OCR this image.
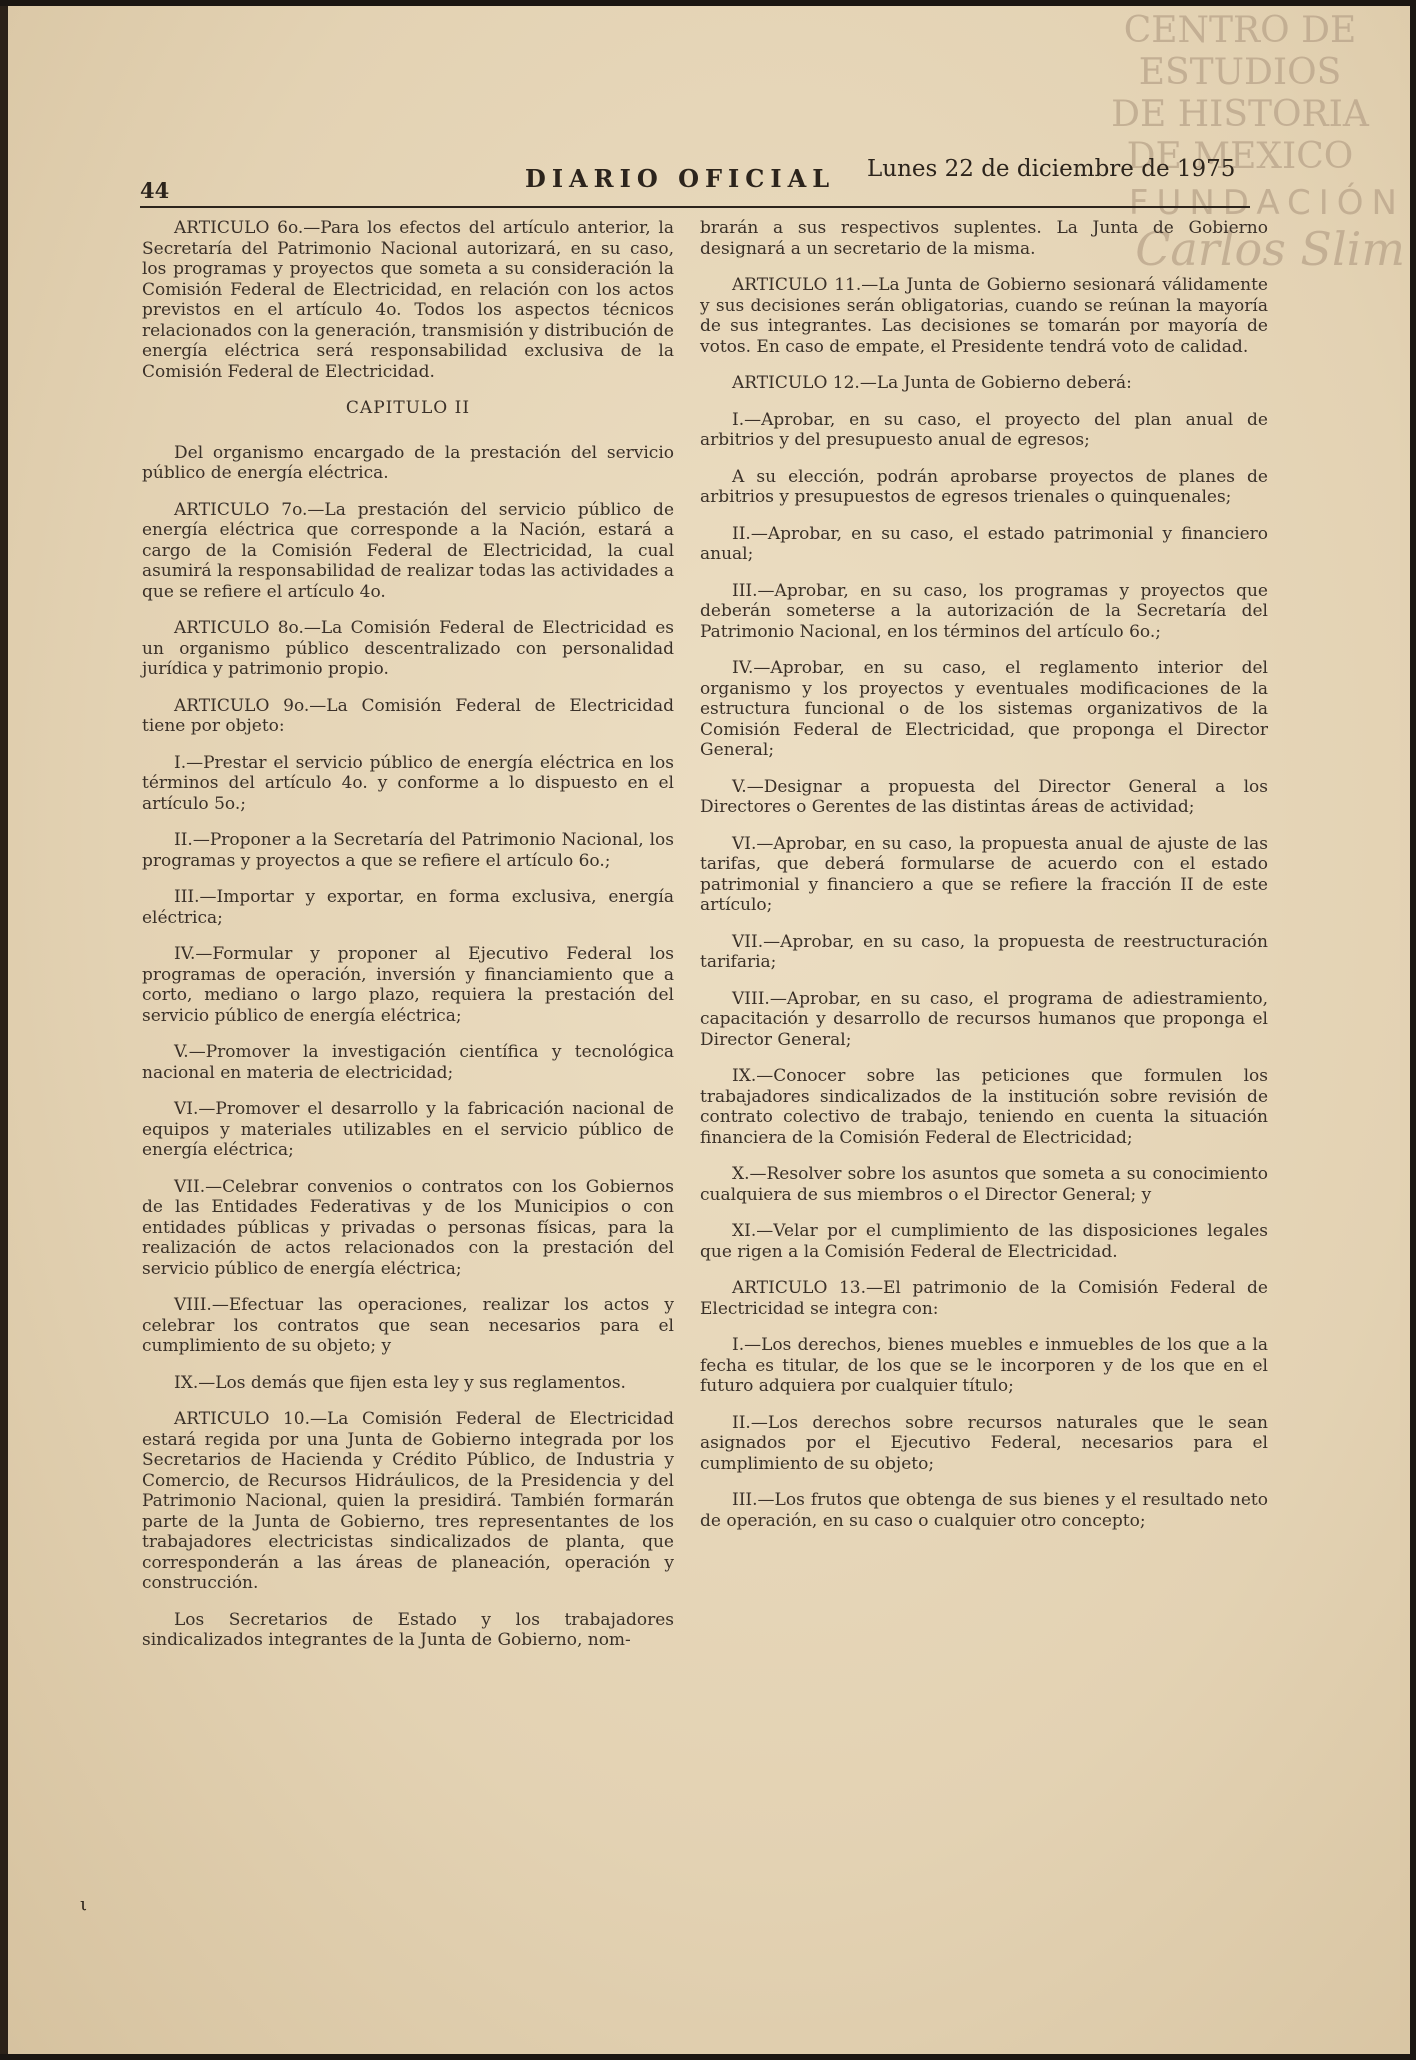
CENTRO DE
ESTUDIOS
DE HISTORIA
DE MEXICO
FUNDACIÓN
Carlos Slim
44	DIARIO OFICIAL Lunes 22 de diciembre de 1975

ARTICULO 6o.—Para los efectos del artículo anterior, la Secretaría del Patrimonio Nacional autorizará, en su caso, los programas y proyectos que someta a su consideración la Comisión Federal de Electricidad, en relación con los actos previstos en el artículo 4o. Todos los aspectos técnicos relacionados con la generación, transmisión y distribución de energía eléctrica será responsabilidad exclusiva de la Comisión Federal de Electricidad.

CAPITULO II

Del organismo encargado de la prestación del servicio público de energía eléctrica.

ARTICULO 7o.—La prestación del servicio público de energía eléctrica que corresponde a la Nación, estará a cargo de la Comisión Federal de Electricidad, la cual asumirá la responsabilidad de realizar todas las actividades a que se refiere el artículo 4o.

ARTICULO 8o.—La Comisión Federal de Electricidad es un organismo público descentralizado con personalidad jurídica y patrimonio propio.

ARTICULO 9o.—La Comisión Federal de Electricidad tiene por objeto:

I.—Prestar el servicio público de energía eléctrica en los términos del artículo 4o. y conforme a lo dispuesto en el artículo 5o.;

II.—Proponer a la Secretaría del Patrimonio Nacional, los programas y proyectos a que se refiere el artículo 6o.;

III.—Importar y exportar, en forma exclusiva, energía eléctrica;

IV.—Formular y proponer al Ejecutivo Federal los programas de operación, inversión y financiamiento que a corto, mediano o largo plazo, requiera la prestación del servicio público de energía eléctrica;

V.—Promover la investigación científica y tecnológica nacional en materia de electricidad;

VI.—Promover el desarrollo y la fabricación nacional de equipos y materiales utilizables en el servicio público de energía eléctrica;

VII.—Celebrar convenios o contratos con los Gobiernos de las Entidades Federativas y de los Municipios o con entidades públicas y privadas o personas físicas, para la realización de actos relacionados con la prestación del servicio público de energía eléctrica;

VIII.—Efectuar las operaciones, realizar los actos y celebrar los contratos que sean necesarios para el cumplimiento de su objeto; y

IX.—Los demás que fijen esta ley y sus reglamentos.

ARTICULO 10.—La Comisión Federal de Electricidad estará regida por una Junta de Gobierno integrada por los Secretarios de Hacienda y Crédito Público, de Industria y Comercio, de Recursos Hidráulicos, de la Presidencia y del Patrimonio Nacional, quien la presidirá. También formarán parte de la Junta de Gobierno, tres representantes de los trabajadores electricistas sindicalizados de planta, que corresponderán a las áreas de planeación, operación y construcción.

Los Secretarios de Estado y los trabajadores sindicalizados integrantes de la Junta de Gobierno, nom-

brarán a sus respectivos suplentes. La Junta de Gobierno designará a un secretario de la misma.

ARTICULO 11.—La Junta de Gobierno sesionará válidamente y sus decisiones serán obligatorias, cuando se reúnan la mayoría de sus integrantes. Las decisiones se tomarán por mayoría de votos. En caso de empate, el Presidente tendrá voto de calidad.

ARTICULO 12.—La Junta de Gobierno deberá:

I.—Aprobar, en su caso, el proyecto del plan anual de arbitrios y del presupuesto anual de egresos;

A su elección, podrán aprobarse proyectos de planes de arbitrios y presupuestos de egresos trienales o quinquenales;

II.—Aprobar, en su caso, el estado patrimonial y financiero anual;

III.—Aprobar, en su caso, los programas y proyectos que deberán someterse a la autorización de la Secretaría del Patrimonio Nacional, en los términos del artículo 6o.;

IV.—Aprobar, en su caso, el reglamento interior del organismo y los proyectos y eventuales modificaciones de la estructura funcional o de los sistemas organizativos de la Comisión Federal de Electricidad, que proponga el Director General;

V.—Designar a propuesta del Director General a los Directores o Gerentes de las distintas áreas de actividad;

VI.—Aprobar, en su caso, la propuesta anual de ajuste de las tarifas, que deberá formularse de acuerdo con el estado patrimonial y financiero a que se refiere la fracción II de este artículo;

VII.—Aprobar, en su caso, la propuesta de reestructuración tarifaria;

VIII.—Aprobar, en su caso, el programa de adiestramiento, capacitación y desarrollo de recursos humanos que proponga el Director General;

IX.—Conocer sobre las peticiones que formulen los trabajadores sindicalizados de la institución sobre revisión de contrato colectivo de trabajo, teniendo en cuenta la situación financiera de la Comisión Federal de Electricidad;

X.—Resolver sobre los asuntos que someta a su conocimiento cualquiera de sus miembros o el Director General; y

XI.—Velar por el cumplimiento de las disposiciones legales que rigen a la Comisión Federal de Electricidad.

ARTICULO 13.—El patrimonio de la Comisión Federal de Electricidad se integra con:

I.—Los derechos, bienes muebles e inmuebles de los que a la fecha es titular, de los que se le incorporen y de los que en el futuro adquiera por cualquier título;

II.—Los derechos sobre recursos naturales que le sean asignados por el Ejecutivo Federal, necesarios para el cumplimiento de su objeto;

III.—Los frutos que obtenga de sus bienes y el resultado neto de operación, en su caso o cualquier otro concepto;

ι
